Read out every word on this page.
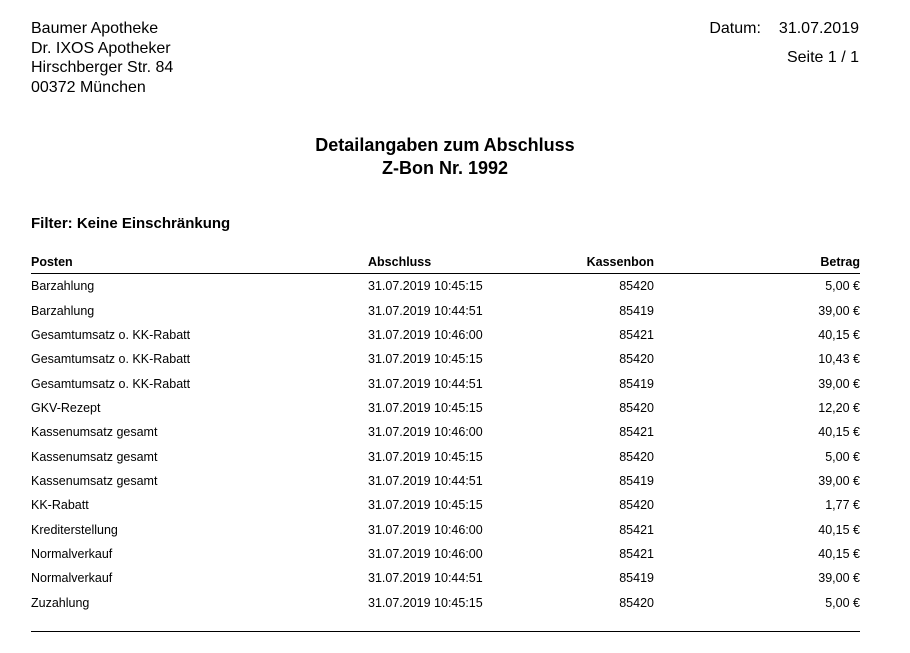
Baumer Apotheke
Dr. IXOS Apotheker
Hirschberger Str. 84
00372 München
Datum: 31.07.2019
Seite 1 / 1
Detailangaben zum Abschluss
Z-Bon Nr. 1992
Filter: Keine Einschränkung
Posten	Abschluss	Kassenbon	Betrag
Barzahlung	31.07.2019 10:45:15	85420	5,00 €
Barzahlung	31.07.2019 10:44:51	85419	39,00 €
Gesamtumsatz o. KK-Rabatt	31.07.2019 10:46:00	85421	40,15 €
Gesamtumsatz o. KK-Rabatt	31.07.2019 10:45:15	85420	10,43 €
Gesamtumsatz o. KK-Rabatt	31.07.2019 10:44:51	85419	39,00 €
GKV-Rezept	31.07.2019 10:45:15	85420	12,20 €
Kassenumsatz gesamt	31.07.2019 10:46:00	85421	40,15 €
Kassenumsatz gesamt	31.07.2019 10:45:15	85420	5,00 €
Kassenumsatz gesamt	31.07.2019 10:44:51	85419	39,00 €
KK-Rabatt	31.07.2019 10:45:15	85420	1,77 €
Krediterstellung	31.07.2019 10:46:00	85421	40,15 €
Normalverkauf	31.07.2019 10:46:00	85421	40,15 €
Normalverkauf	31.07.2019 10:44:51	85419	39,00 €
Zuzahlung	31.07.2019 10:45:15	85420	5,00 €
